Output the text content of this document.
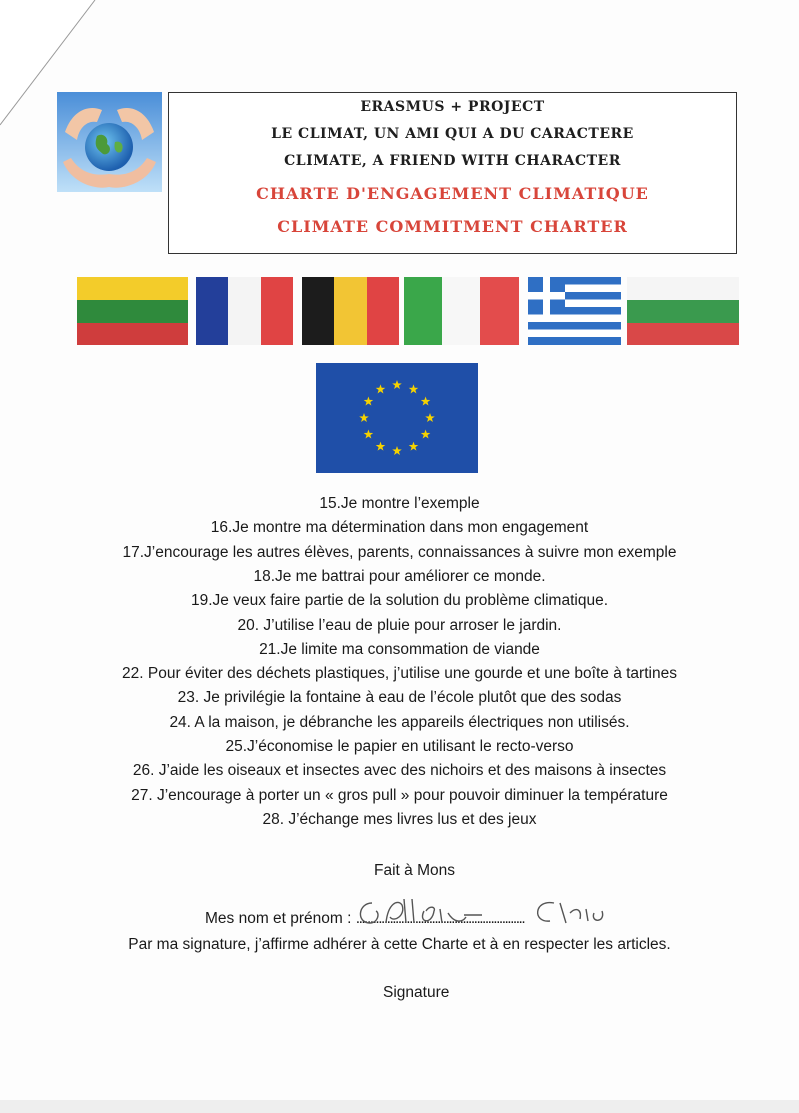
ERASMUS + PROJECT
LE CLIMAT, UN AMI QUI A DU CARACTERE
CLIMATE, A FRIEND WITH CHARACTER
CHARTE D'ENGAGEMENT CLIMATIQUE
CLIMATE COMMITMENT CHARTER
15.Je montre l’exemple
16.Je montre ma détermination dans mon engagement
17.J’encourage les autres élèves, parents, connaissances à suivre mon exemple
18.Je me battrai pour améliorer ce monde.
19.Je veux faire partie de la solution du problème climatique.
20. J’utilise l’eau de pluie pour arroser le jardin.
21.Je limite ma consommation de viande
22. Pour éviter des déchets plastiques, j’utilise une gourde et une boîte à tartines
23. Je privilégie la fontaine à eau de l’école plutôt que des sodas
24. A la maison, je débranche les appareils électriques non utilisés.
25.J’économise le papier en utilisant le recto-verso
26. J’aide les oiseaux et insectes avec des nichoirs et des maisons à insectes
27. J’encourage à porter un « gros pull » pour pouvoir diminuer la température
28. J’échange mes livres lus et des jeux
Fait à Mons
Mes nom et prénom : ............................................................
Par ma signature, j’affirme adhérer à cette Charte et à en respecter les articles.
Signature
